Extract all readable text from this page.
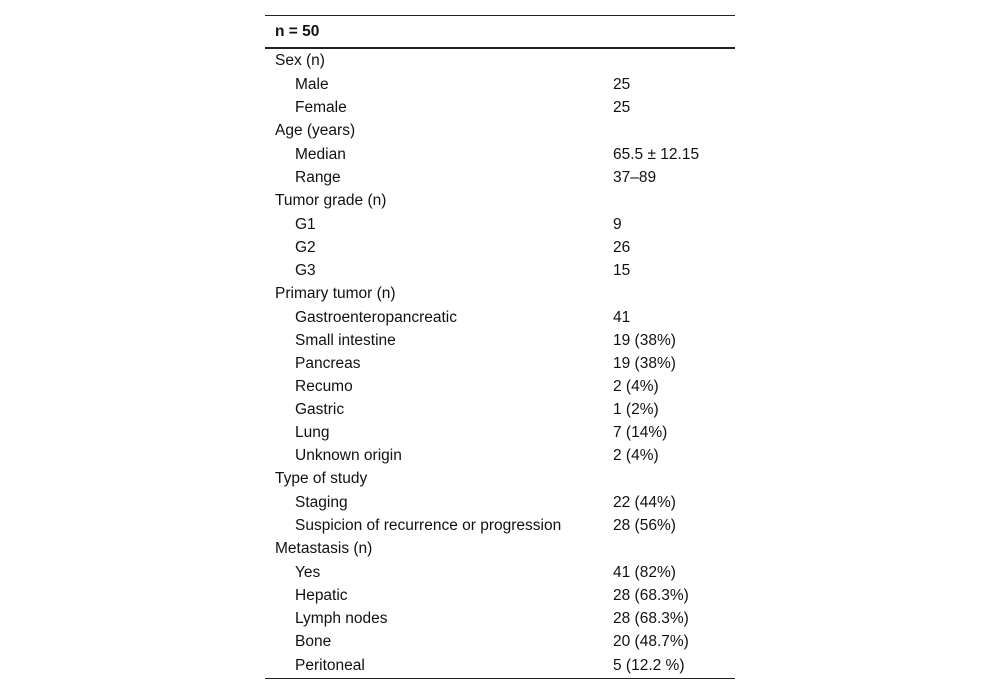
n = 50	
Sex (n)	
Male	25
Female	25
Age (years)	
Median	65.5 ± 12.15
Range	37–89
Tumor grade (n)	
G1	9
G2	26
G3	15
Primary tumor (n)	
Gastroenteropancreatic	41
Small intestine	19 (38%)
Pancreas	19 (38%)
Recumo	2 (4%)
Gastric	1 (2%)
Lung	7 (14%)
Unknown origin	2 (4%)
Type of study	
Staging	22 (44%)
Suspicion of recurrence or progression	28 (56%)
Metastasis (n)	
Yes	41 (82%)
Hepatic	28 (68.3%)
Lymph nodes	28 (68.3%)
Bone	20 (48.7%)
Peritoneal	5 (12.2 %)
